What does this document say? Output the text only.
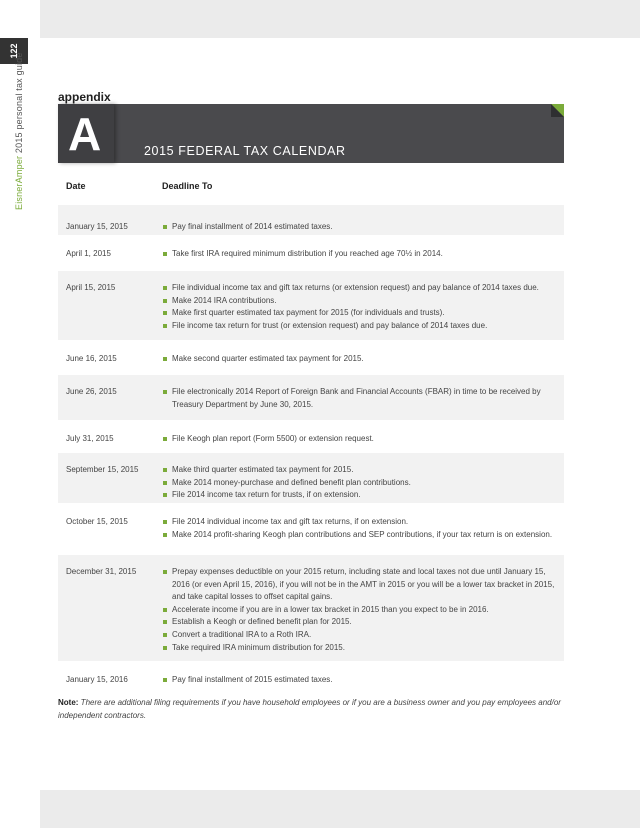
122
EisnerAmper 2015 personal tax guide	appendix
A	2015 FEDERAL TAX CALENDAR
Date	Deadline To
January 15, 2015	Pay final installment of 2014 estimated taxes.
April 1, 2015	Take first IRA required minimum distribution if you reached age 70½ in 2014.
April 15, 2015	File individual income tax and gift tax returns (or extension request) and pay balance of 2014 taxes due.
Make 2014 IRA contributions.
Make first quarter estimated tax payment for 2015 (for individuals and trusts).
File income tax return for trust (or extension request) and pay balance of 2014 taxes due.
June 16, 2015	Make second quarter estimated tax payment for 2015.
June 26, 2015	File electronically 2014 Report of Foreign Bank and Financial Accounts (FBAR) in time to be received by Treasury Department by June 30, 2015.
July 31, 2015	File Keogh plan report (Form 5500) or extension request.
September 15, 2015	Make third quarter estimated tax payment for 2015.
Make 2014 money-purchase and defined benefit plan contributions.
File 2014 income tax return for trusts, if on extension.
October 15, 2015	File 2014 individual income tax and gift tax returns, if on extension.
Make 2014 profit-sharing Keogh plan contributions and SEP contributions, if your tax return is on extension.
December 31, 2015	Prepay expenses deductible on your 2015 return, including state and local taxes not due until January 15, 2016 (or even April 15, 2016), if you will not be in the AMT in 2015 or you will be a lower tax bracket in 2015, and take capital losses to offset capital gains.
Accelerate income if you are in a lower tax bracket in 2015 than you expect to be in 2016.
Establish a Keogh or defined benefit plan for 2015.
Convert a traditional IRA to a Roth IRA.
Take required IRA minimum distribution for 2015.
January 15, 2016	Pay final installment of 2015 estimated taxes.
Note: There are additional filing requirements if you have household employees or if you are a business owner and you pay employees and/or independent contractors.
